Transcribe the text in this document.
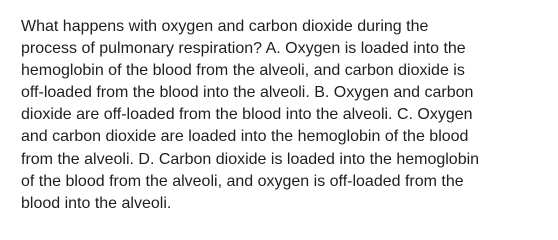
What happens with oxygen and carbon dioxide during the
process of pulmonary respiration? A. Oxygen is loaded into the
hemoglobin of the blood from the alveoli, and carbon dioxide is
off-loaded from the blood into the alveoli. B. Oxygen and carbon
dioxide are off-loaded from the blood into the alveoli. C. Oxygen
and carbon dioxide are loaded into the hemoglobin of the blood
from the alveoli. D. Carbon dioxide is loaded into the hemoglobin
of the blood from the alveoli, and oxygen is off-loaded from the
blood into the alveoli.
